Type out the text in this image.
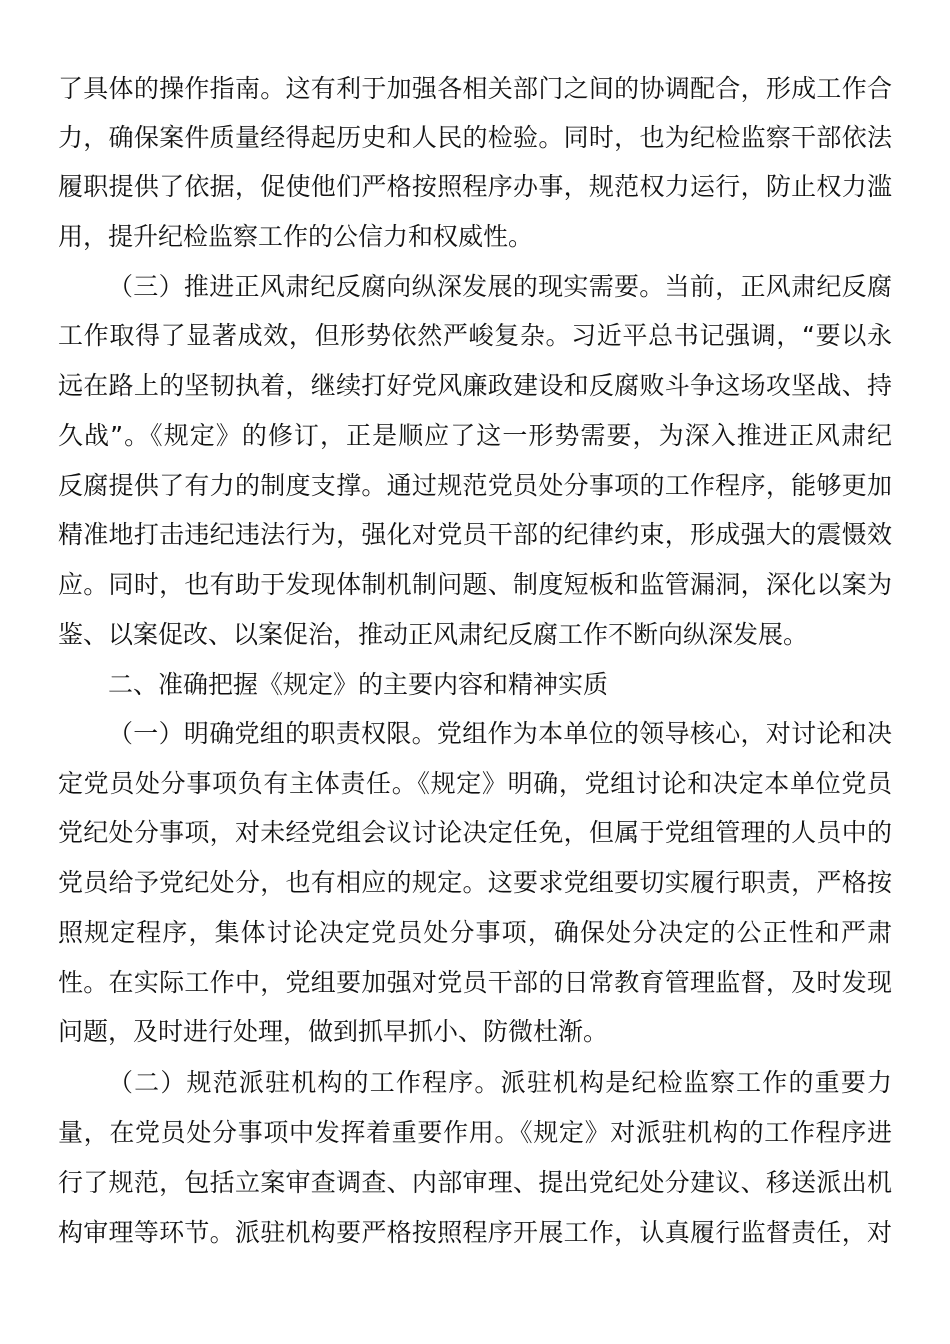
了具体的操作指南。这有利于加强各相关部门之间的协调配合，形成工作合
力，确保案件质量经得起历史和人民的检验。同时，也为纪检监察干部依法
履职提供了依据，促使他们严格按照程序办事，规范权力运行，防止权力滥
用，提升纪检监察工作的公信力和权威性。
（三）推进正风肃纪反腐向纵深发展的现实需要。当前，正风肃纪反腐
工作取得了显著成效，但形势依然严峻复杂。习近平总书记强调，“要以永
远在路上的坚韧执着，继续打好党风廉政建设和反腐败斗争这场攻坚战、持
久战”。《规定》的修订，正是顺应了这一形势需要，为深入推进正风肃纪
反腐提供了有力的制度支撑。通过规范党员处分事项的工作程序，能够更加
精准地打击违纪违法行为，强化对党员干部的纪律约束，形成强大的震慑效
应。同时，也有助于发现体制机制问题、制度短板和监管漏洞，深化以案为
鉴、以案促改、以案促治，推动正风肃纪反腐工作不断向纵深发展。
二、准确把握《规定》的主要内容和精神实质
（一）明确党组的职责权限。党组作为本单位的领导核心，对讨论和决
定党员处分事项负有主体责任。《规定》明确，党组讨论和决定本单位党员
党纪处分事项，对未经党组会议讨论决定任免，但属于党组管理的人员中的
党员给予党纪处分，也有相应的规定。这要求党组要切实履行职责，严格按
照规定程序，集体讨论决定党员处分事项，确保处分决定的公正性和严肃
性。在实际工作中，党组要加强对党员干部的日常教育管理监督，及时发现
问题，及时进行处理，做到抓早抓小、防微杜渐。
（二）规范派驻机构的工作程序。派驻机构是纪检监察工作的重要力
量，在党员处分事项中发挥着重要作用。《规定》对派驻机构的工作程序进
行了规范，包括立案审查调查、内部审理、提出党纪处分建议、移送派出机
构审理等环节。派驻机构要严格按照程序开展工作，认真履行监督责任，对
